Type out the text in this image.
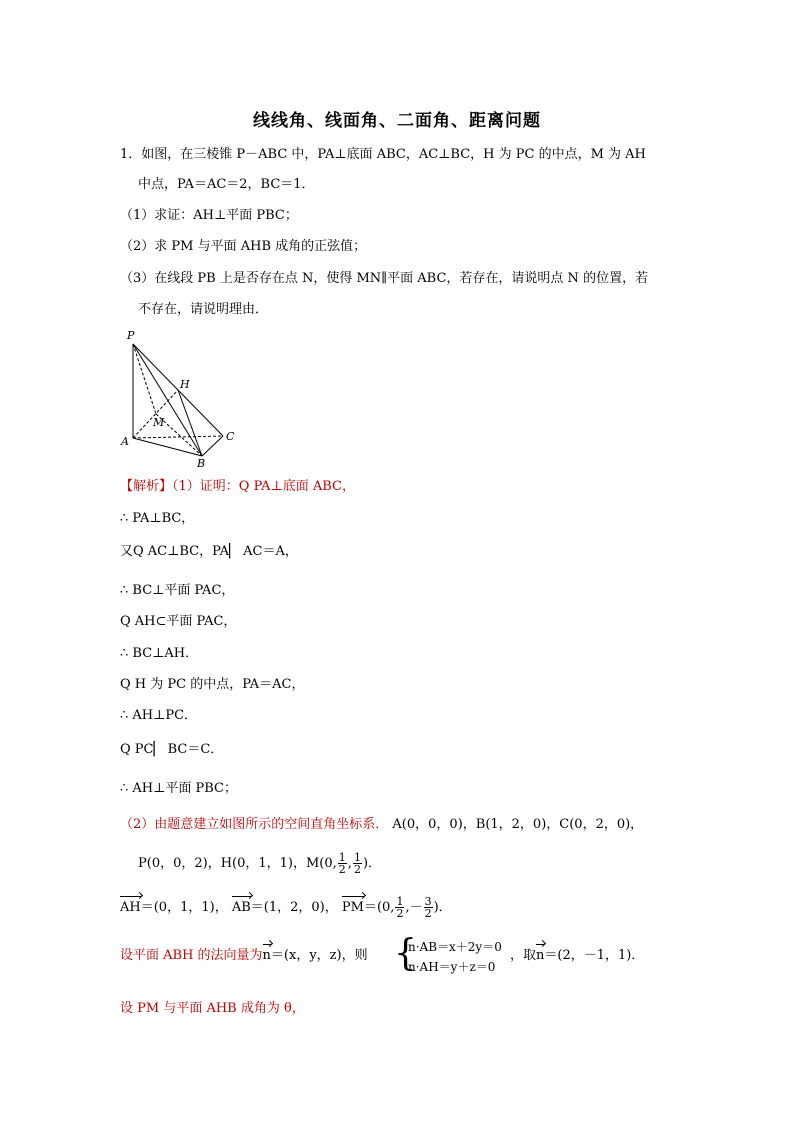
线线角、线面角、二面角、距离问题
1．如图，在三棱锥 P－ABC 中，PA⊥底面 ABC，AC⊥BC，H 为 PC 的中点，M 为 AH
中点，PA＝AC＝2，BC＝1．
（1）求证：AH⊥平面 PBC；
（2）求 PM 与平面 AHB 成角的正弦值；
（3）在线段 PB 上是否存在点 N，使得 MN∥平面 ABC，若存在，请说明点 N 的位置，若
不存在，请说明理由．
P
H
M
A
B
C
【解析】（1）证明：Q PA⊥底面 ABC，
∴ PA⊥BC，
又Q AC⊥BC，PA▏ AC＝A，
∴ BC⊥平面 PAC，
Q AH⊂平面 PAC，
∴ BC⊥AH．
Q H 为 PC 的中点，PA＝AC，
∴ AH⊥PC．
Q PC▏ BC＝C．
∴ AH⊥平面 PBC；
（2）由题意建立如图所示的空间直角坐标系． A(0，0，0)，B(1，2，0)，C(0，2，0)，
P(0，0，2)，H(0，1，1)，M(0, $\frac{1}{2}$ , $\frac{1}{2}$ )．
AH＝(0，1，1)， AB＝(1，2，0)， PM＝(0, $\frac{1}{2}$ ,－ $\frac{3}{2}$ )．
设平面 ABH 的法向量为n＝(x，y，z)，则 {
n·AB＝x＋2y＝0
n·AH＝y＋z＝0
，取n＝(2，－1，1)．
设 PM 与平面 AHB 成角为 θ，
